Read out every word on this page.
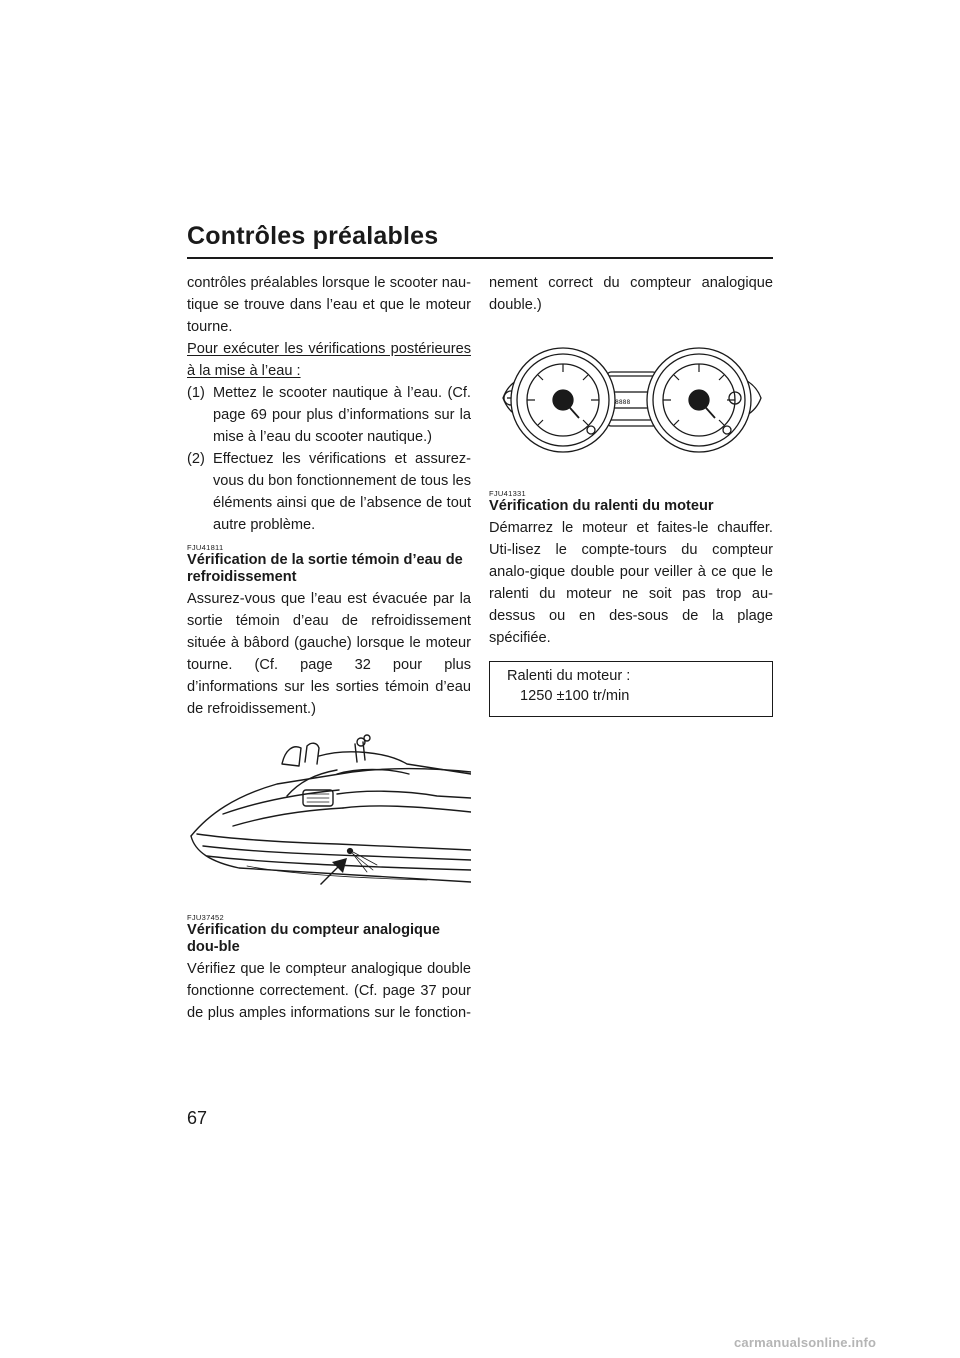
Contrôles préalables

contrôles préalables lorsque le scooter nau-tique se trouve dans l’eau et que le moteur tourne.

Pour exécuter les vérifications postérieures à la mise à l’eau :

(1) Mettez le scooter nautique à l’eau. (Cf. page 69 pour plus d’informations sur la mise à l’eau du scooter nautique.)
(2) Effectuez les vérifications et assurez-vous du bon fonctionnement de tous les éléments ainsi que de l’absence de tout autre problème.
FJU41811
Vérification de la sortie témoin d’eau de refroidissement

Assurez-vous que l’eau est évacuée par la sortie témoin d’eau de refroidissement située à bâbord (gauche) lorsque le moteur tourne. (Cf. page 32 pour plus d’informations sur les sorties témoin d’eau de refroidissement.)

FJU37452
Vérification du compteur analogique dou-ble

Vérifiez que le compteur analogique double fonctionne correctement. (Cf. page 37 pour de plus amples informations sur le fonction-

nement correct du compteur analogique double.)

8888
FJU41331
Vérification du ralenti du moteur

Démarrez le moteur et faites-le chauffer. Uti-lisez le compte-tours du compteur analo-gique double pour veiller à ce que le ralenti du moteur ne soit pas trop au-dessus ou en des-sous de la plage spécifiée.

Ralenti du moteur :
1250 ±100 tr/min
67
carmanualsonline.info
